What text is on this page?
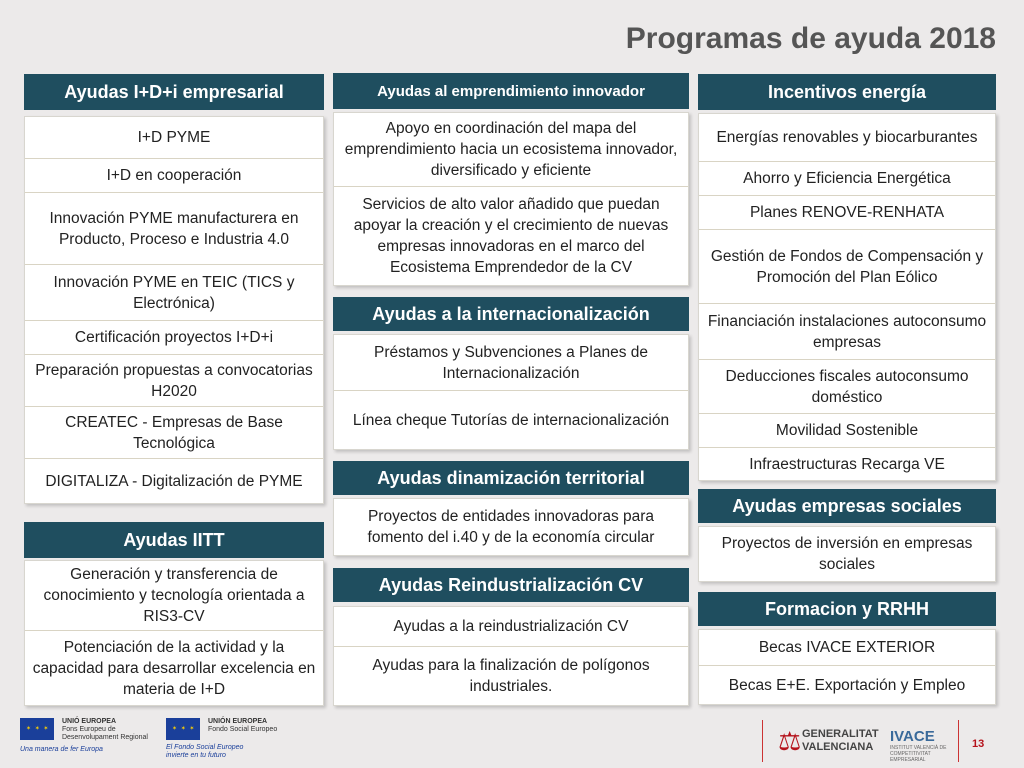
Programas de ayuda 2018
Ayudas I+D+i empresarial
I+D PYME
I+D en cooperación
Innovación PYME manufacturera en Producto, Proceso e Industria 4.0
Innovación PYME en TEIC (TICS y Electrónica)
Certificación proyectos I+D+i
Preparación propuestas a convocatorias H2020
CREATEC - Empresas de Base Tecnológica
DIGITALIZA - Digitalización de PYME
Ayudas IITT
Generación y transferencia de conocimiento y tecnología orientada a RIS3-CV
Potenciación de la actividad y la capacidad para desarrollar excelencia en materia de I+D
Ayudas al emprendimiento innovador
Apoyo en coordinación del mapa del emprendimiento hacia un ecosistema innovador, diversificado y eficiente
Servicios de alto valor añadido que puedan apoyar la creación y el crecimiento de nuevas empresas innovadoras en el marco del Ecosistema Emprendedor de la CV
Ayudas a la internacionalización
Préstamos y Subvenciones a Planes de Internacionalización
Línea cheque Tutorías de internacionalización
Ayudas dinamización territorial
Proyectos de entidades innovadoras para fomento del i.40 y de la economía circular
Ayudas Reindustrialización CV
Ayudas a la reindustrialización CV
Ayudas para la finalización de polígonos industriales.
Incentivos energía
Energías renovables y biocarburantes
Ahorro y Eficiencia Energética
Planes RENOVE-RENHATA
Gestión de Fondos de Compensación y Promoción del Plan Eólico
Financiación instalaciones autoconsumo empresas
Deducciones fiscales autoconsumo doméstico
Movilidad Sostenible
Infraestructuras Recarga VE
Ayudas empresas sociales
Proyectos de inversión en empresas sociales
Formacion y RRHH
Becas IVACE EXTERIOR
Becas E+E. Exportación y Empleo
✶ ✶ ✶ UNIÓ EUROPEA
Fons Europeu de
Desenvolupament Regional
Una manera de fer Europa
✶ ✶ ✶ UNIÓN EUROPEA
Fondo Social Europeo
El Fondo Social Europeo
invierte en tu futuro	⚖ GENERALITAT
VALENCIANA
IVACE
INSTITUT VALENCIÀ DE
COMPETITIVITAT EMPRESARIAL
13
